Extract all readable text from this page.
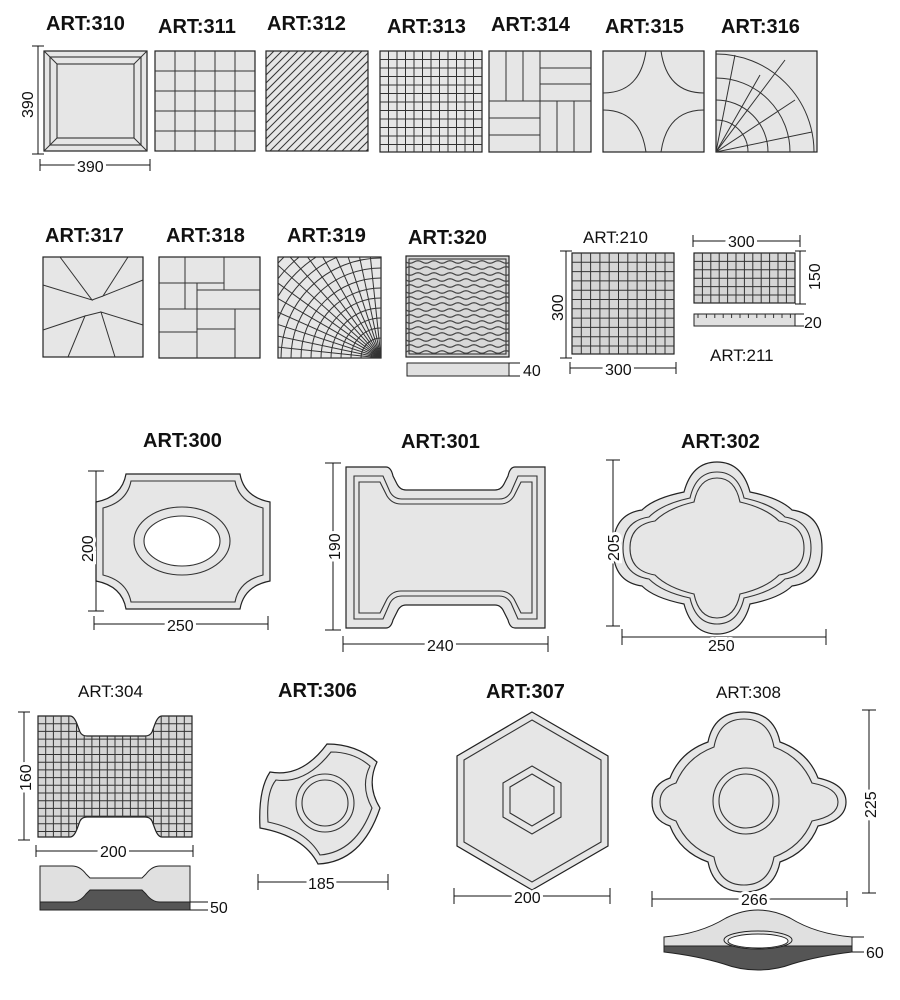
ART:310 ART:311 ART:312 ART:313 ART:314 ART:315 ART:316
390
390
ART:317 ART:318 ART:319 ART:320	ART:210
ART:211
40
300
300
300
150
20
ART:300	ART:301	ART:302
200
250
190
240
205
250
ART:304	ART:306	ART:307	ART:308
160
200
50
185
200
225
266
60
